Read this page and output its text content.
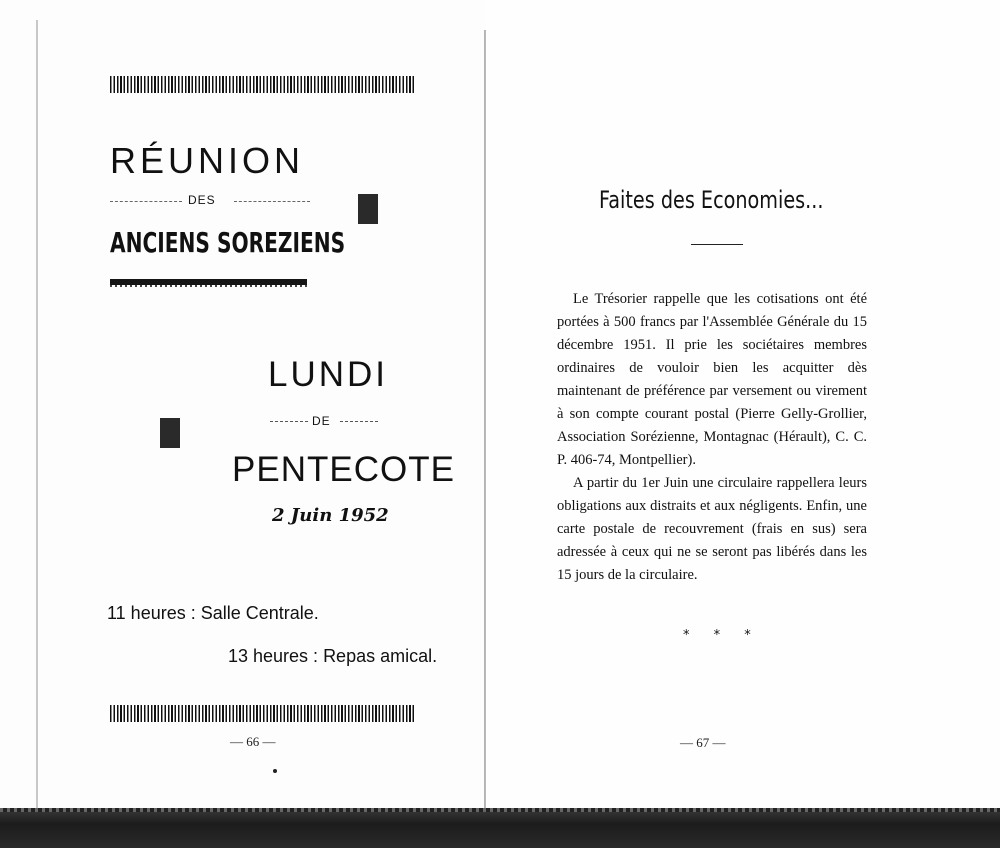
RÉUNION
DES
ANCIENS SOREZIENS
LUNDI
DE
PENTECOTE
2 Juin 1952
11 heures : Salle Centrale.
13 heures : Repas amical.
— 66 —
Faites des Economies...

Le Trésorier rappelle que les cotisations ont été portées à 500 francs par l'Assemblée Générale du 15 décembre 1951. Il prie les sociétaires membres ordinaires de vouloir bien les acquitter dès maintenant de préférence par versement ou virement à son compte courant postal (Pierre Gelly-Grollier, Association Sorézienne, Montagnac (Hérault), C. C. P. 406-74, Montpellier).

A partir du 1er Juin une circulaire rappellera leurs obligations aux distraits et aux négligents. Enfin, une carte postale de recouvrement (frais en sus) sera adressée à ceux qui ne se seront pas libérés dans les 15 jours de la circulaire.

* * *
— 67 —
